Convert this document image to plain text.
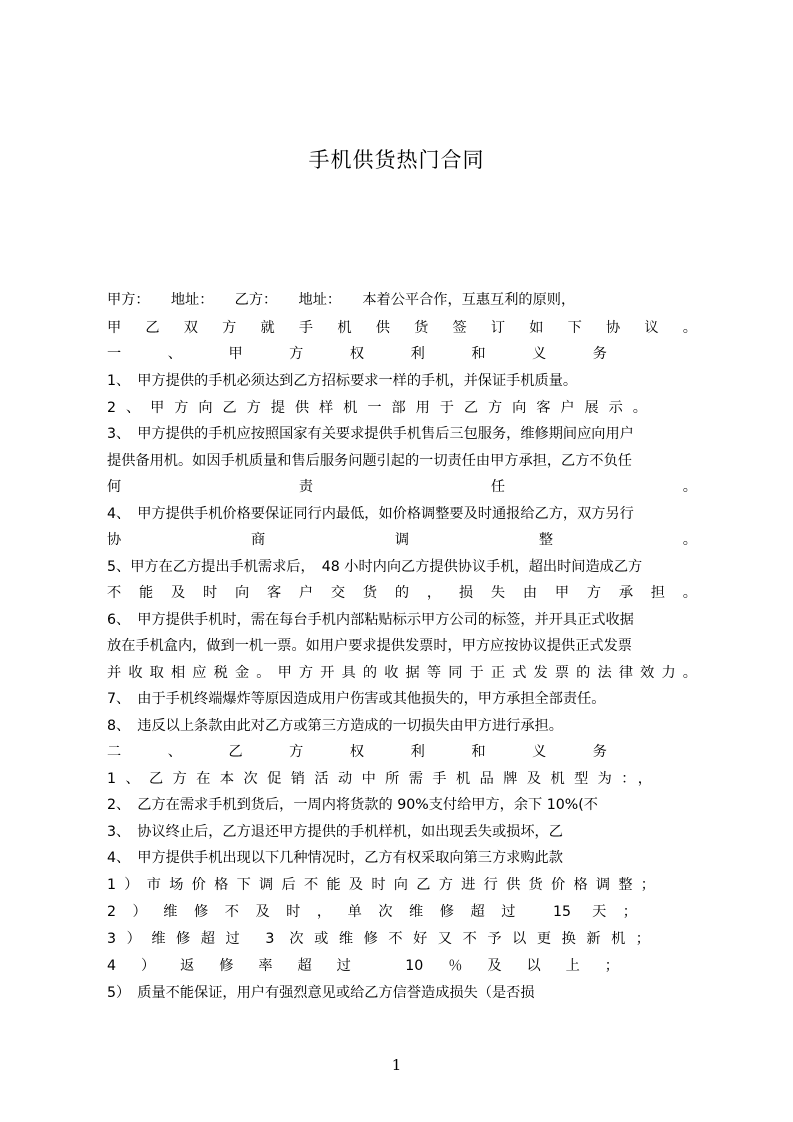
手机供货热门合同
甲方：　　地址：　　乙方：　　地址：　　本着公平合作，互惠互利的原则，
甲乙双方就手机供货签订如下协议。
一、甲方权利和义务
1、　甲方提供的手机必须达到乙方招标要求一样的手机，并保证手机质量。
2、甲方向乙方提供样机一部用于乙方向客户展示。
3、　甲方提供的手机应按照国家有关要求提供手机售后三包服务，维修期间应向用户
提供备用机。如因手机质量和售后服务问题引起的一切责任由甲方承担，乙方不负任
何责任。
4、　甲方提供手机价格要保证同行内最低，如价格调整要及时通报给乙方，双方另行
协商调整。
5、甲方在乙方提出手机需求后，　48 小时内向乙方提供协议手机，超出时间造成乙方
不能及时向客户交货的，损失由甲方承担。
6、　甲方提供手机时，需在每台手机内部粘贴标示甲方公司的标签，并开具正式收据
放在手机盒内，做到一机一票。如用户要求提供发票时，甲方应按协议提供正式发票
并收取相应税金。甲方开具的收据等同于正式发票的法律效力。
7、　由于手机终端爆炸等原因造成用户伤害或其他损失的，甲方承担全部责任。
8、　违反以上条款由此对乙方或第三方造成的一切损失由甲方进行承担。
二、乙方权利和义务
1、乙方在本次促销活动中所需手机品牌及机型为：，
2、　乙方在需求手机到货后，一周内将货款的 90%支付给甲方，余下 10%(不
3、　协议终止后，乙方退还甲方提供的手机样机，如出现丢失或损坏，乙
4、　甲方提供手机出现以下几种情况时，乙方有权采取向第三方求购此款
1）市场价格下调后不能及时向乙方进行供货价格调整；
2）维修不及时，单次维修超过 15 天；
3）维修超过 3 次或维修不好又不予以更换新机；
4）返修率超过 10％及以上；
5）　质量不能保证，用户有强烈意见或给乙方信誉造成损失（是否损
1
